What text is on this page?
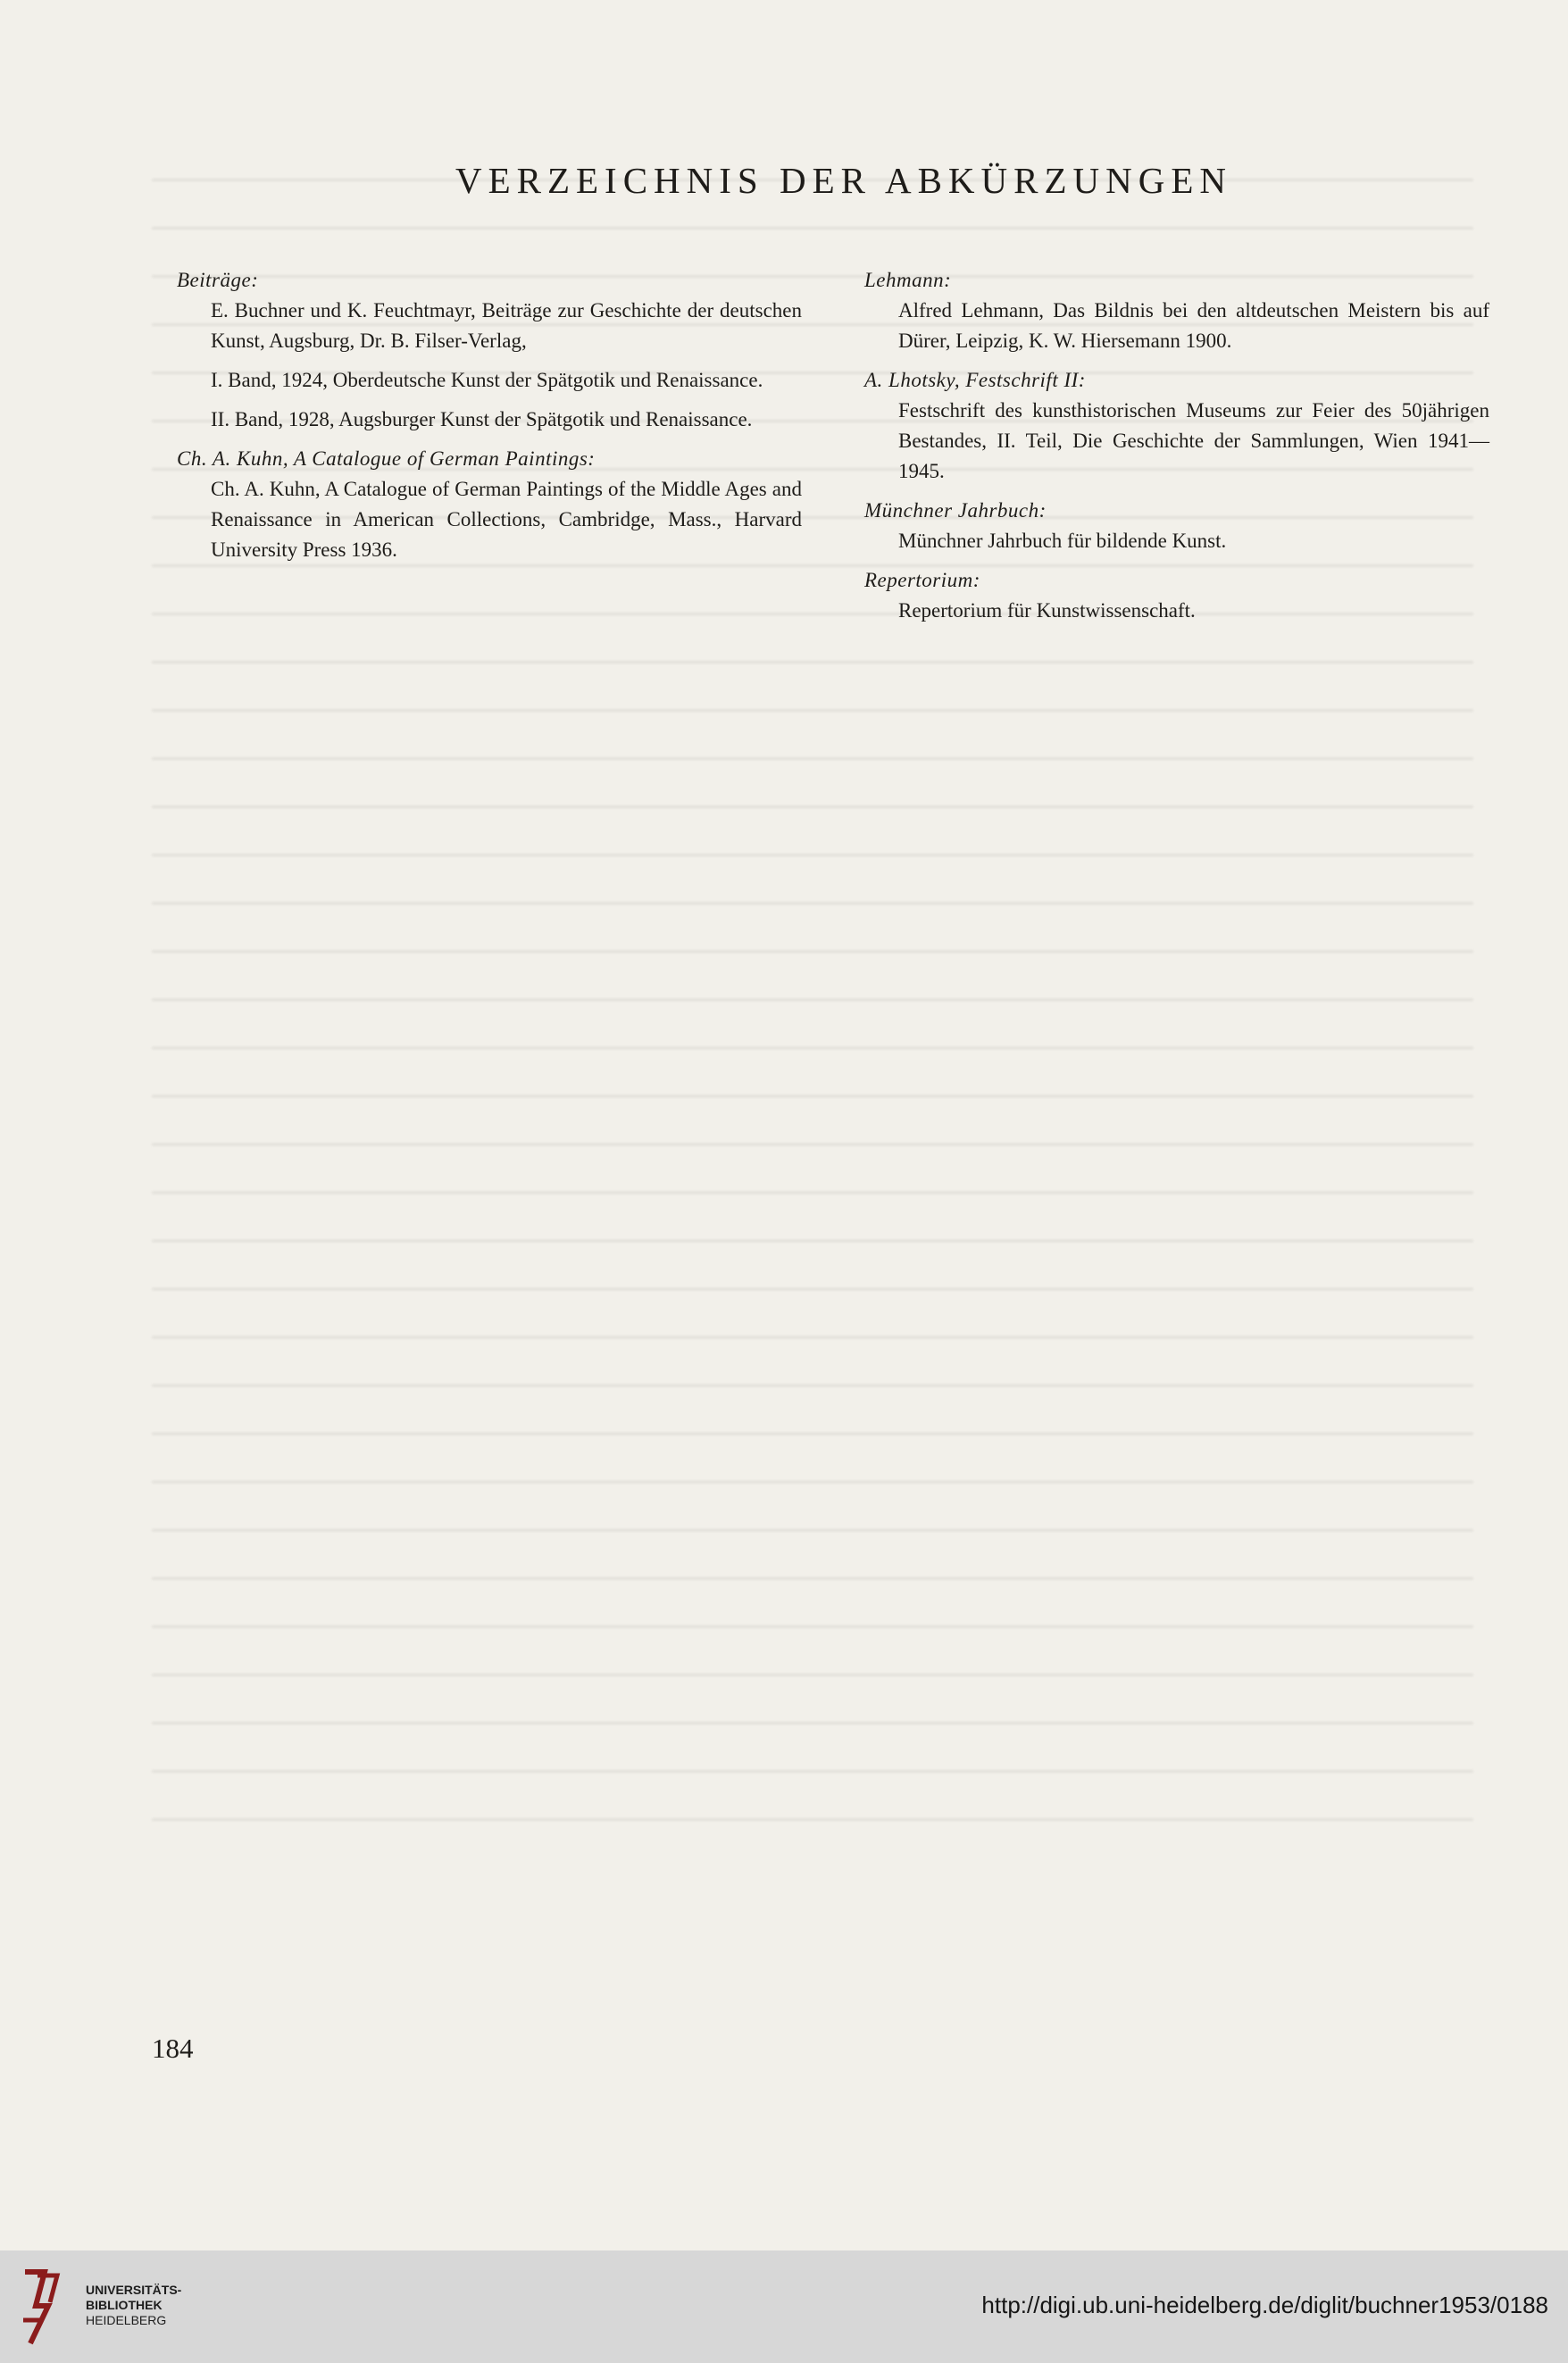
VERZEICHNIS DER ABKÜRZUNGEN

Beiträge:

E. Buchner und K. Feuchtmayr, Beiträge zur Geschichte der deutschen Kunst, Augsburg, Dr. B. Filser-Verlag,

I. Band, 1924, Oberdeutsche Kunst der Spätgotik und Renaissance.

II. Band, 1928, Augsburger Kunst der Spätgotik und Renaissance.

Ch. A. Kuhn, A Catalogue of German Paintings:

Ch. A. Kuhn, A Catalogue of German Paintings of the Middle Ages and Renaissance in American Collections, Cambridge, Mass., Harvard University Press 1936.

Lehmann:

Alfred Lehmann, Das Bildnis bei den altdeutschen Meistern bis auf Dürer, Leipzig, K. W. Hiersemann 1900.

A. Lhotsky, Festschrift II:

Festschrift des kunsthistorischen Museums zur Feier des 50jährigen Bestandes, II. Teil, Die Geschichte der Sammlungen, Wien 1941—1945.

Münchner Jahrbuch:

Münchner Jahrbuch für bildende Kunst.

Repertorium:

Repertorium für Kunstwissenschaft.

184

UNIVERSITÄTS-
BIBLIOTHEK
HEIDELBERG

http://digi.ub.uni-heidelberg.de/diglit/buchner1953/0188
